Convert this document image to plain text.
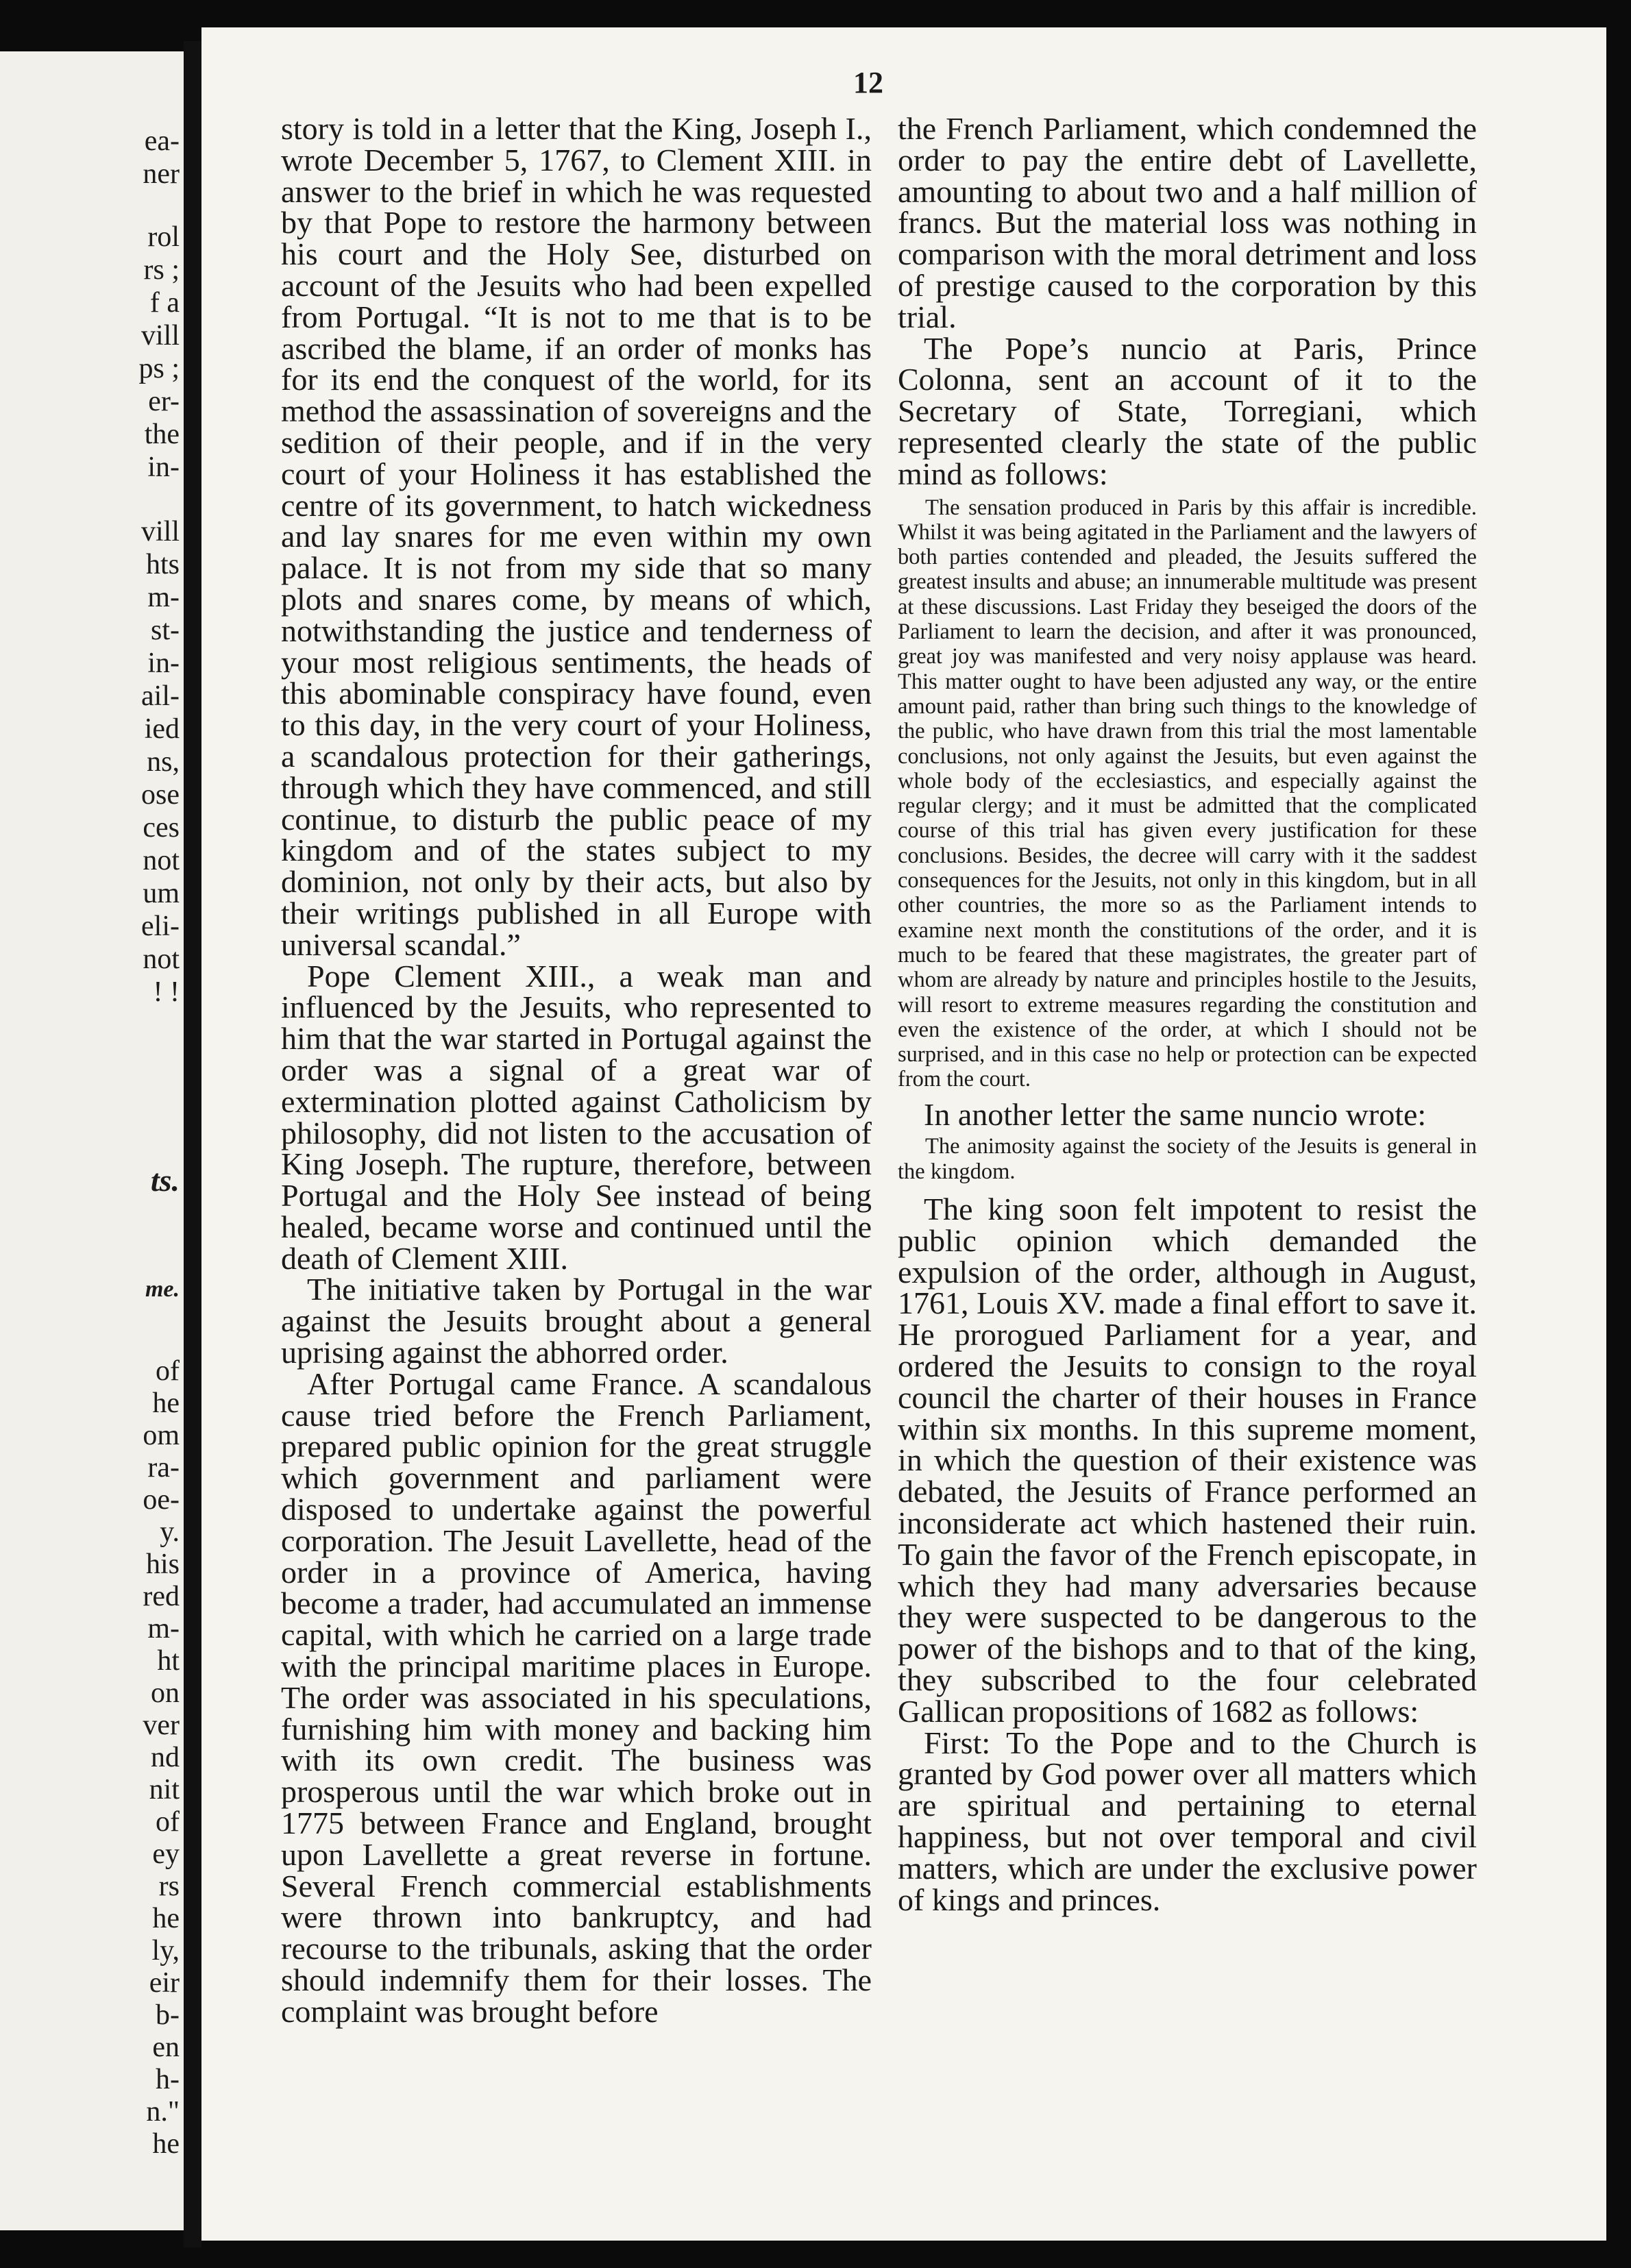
ea-
ner
rol
rs ;
f a
vill
ps ;
er-
the
in-
vill
hts
m-
st-
in-
ail-
ied
ns,
ose
ces
not
um
eli-
not
! !
ts.
me.
of
he
om
ra-
oe-
y.
his
red
m-
ht
on
ver
nd
nit
of
ey
rs
he
ly,
eir
b-
en
h-
n."
he
12

story is told in a letter that the King, Joseph I., wrote December 5, 1767, to Clement XIII. in answer to the brief in which he was requested by that Pope to restore the harmony between his court and the Holy See, disturbed on account of the Jesuits who had been expelled from Portugal. “It is not to me that is to be ascribed the blame, if an order of monks has for its end the conquest of the world, for its method the assassination of sovereigns and the sedition of their people, and if in the very court of your Holiness it has established the centre of its government, to hatch wickedness and lay snares for me even within my own palace. It is not from my side that so many plots and snares come, by means of which, notwithstanding the justice and tenderness of your most religious sentiments, the heads of this abominable conspiracy have found, even to this day, in the very court of your Holiness, a scandalous protection for their gatherings, through which they have commenced, and still continue, to disturb the public peace of my kingdom and of the states subject to my dominion, not only by their acts, but also by their writings published in all Europe with universal scandal.”

Pope Clement XIII., a weak man and influenced by the Jesuits, who represented to him that the war started in Portugal against the order was a signal of a great war of extermination plotted against Catholicism by philosophy, did not listen to the accusation of King Joseph. The rupture, therefore, between Portugal and the Holy See instead of being healed, became worse and continued until the death of Clement XIII.

The initiative taken by Portugal in the war against the Jesuits brought about a general uprising against the abhorred order.

After Portugal came France. A scandalous cause tried before the French Parliament, prepared public opinion for the great struggle which government and parliament were disposed to undertake against the powerful corporation. The Jesuit Lavellette, head of the order in a province of America, having become a trader, had accumulated an immense capital, with which he carried on a large trade with the principal maritime places in Europe. The order was associated in his speculations, furnishing him with money and backing him with its own credit. The business was prosperous until the war which broke out in 1775 between France and England, brought upon Lavellette a great reverse in fortune. Several French commercial establishments were thrown into bankruptcy, and had recourse to the tribunals, asking that the order should indemnify them for their losses. The complaint was brought before

the French Parliament, which condemned the order to pay the entire debt of Lavellette, amounting to about two and a half million of francs. But the material loss was nothing in comparison with the moral detriment and loss of prestige caused to the corporation by this trial.

The Pope’s nuncio at Paris, Prince Colonna, sent an account of it to the Secretary of State, Torregiani, which represented clearly the state of the public mind as follows:

The sensation produced in Paris by this affair is incredible. Whilst it was being agitated in the Parliament and the lawyers of both parties contended and pleaded, the Jesuits suffered the greatest insults and abuse; an innumerable multitude was present at these discussions. Last Friday they beseiged the doors of the Parliament to learn the decision, and after it was pronounced, great joy was manifested and very noisy applause was heard. This matter ought to have been adjusted any way, or the entire amount paid, rather than bring such things to the knowledge of the public, who have drawn from this trial the most lamentable conclusions, not only against the Jesuits, but even against the whole body of the ecclesiastics, and especially against the regular clergy; and it must be admitted that the complicated course of this trial has given every justification for these conclusions. Besides, the decree will carry with it the saddest consequences for the Jesuits, not only in this kingdom, but in all other countries, the more so as the Parliament intends to examine next month the constitutions of the order, and it is much to be feared that these magistrates, the greater part of whom are already by nature and principles hostile to the Jesuits, will resort to extreme measures regarding the constitution and even the existence of the order, at which I should not be surprised, and in this case no help or protection can be expected from the court.

In another letter the same nuncio wrote:

The animosity against the society of the Jesuits is general in the kingdom.

The king soon felt impotent to resist the public opinion which demanded the expulsion of the order, although in August, 1761, Louis XV. made a final effort to save it. He prorogued Parliament for a year, and ordered the Jesuits to consign to the royal council the charter of their houses in France within six months. In this supreme moment, in which the question of their existence was debated, the Jesuits of France performed an inconsiderate act which hastened their ruin. To gain the favor of the French episcopate, in which they had many adversaries because they were suspected to be dangerous to the power of the bishops and to that of the king, they subscribed to the four celebrated Gallican propositions of 1682 as follows:

First: To the Pope and to the Church is granted by God power over all matters which are spiritual and pertaining to eternal happiness, but not over temporal and civil matters, which are under the exclusive power of kings and princes.
